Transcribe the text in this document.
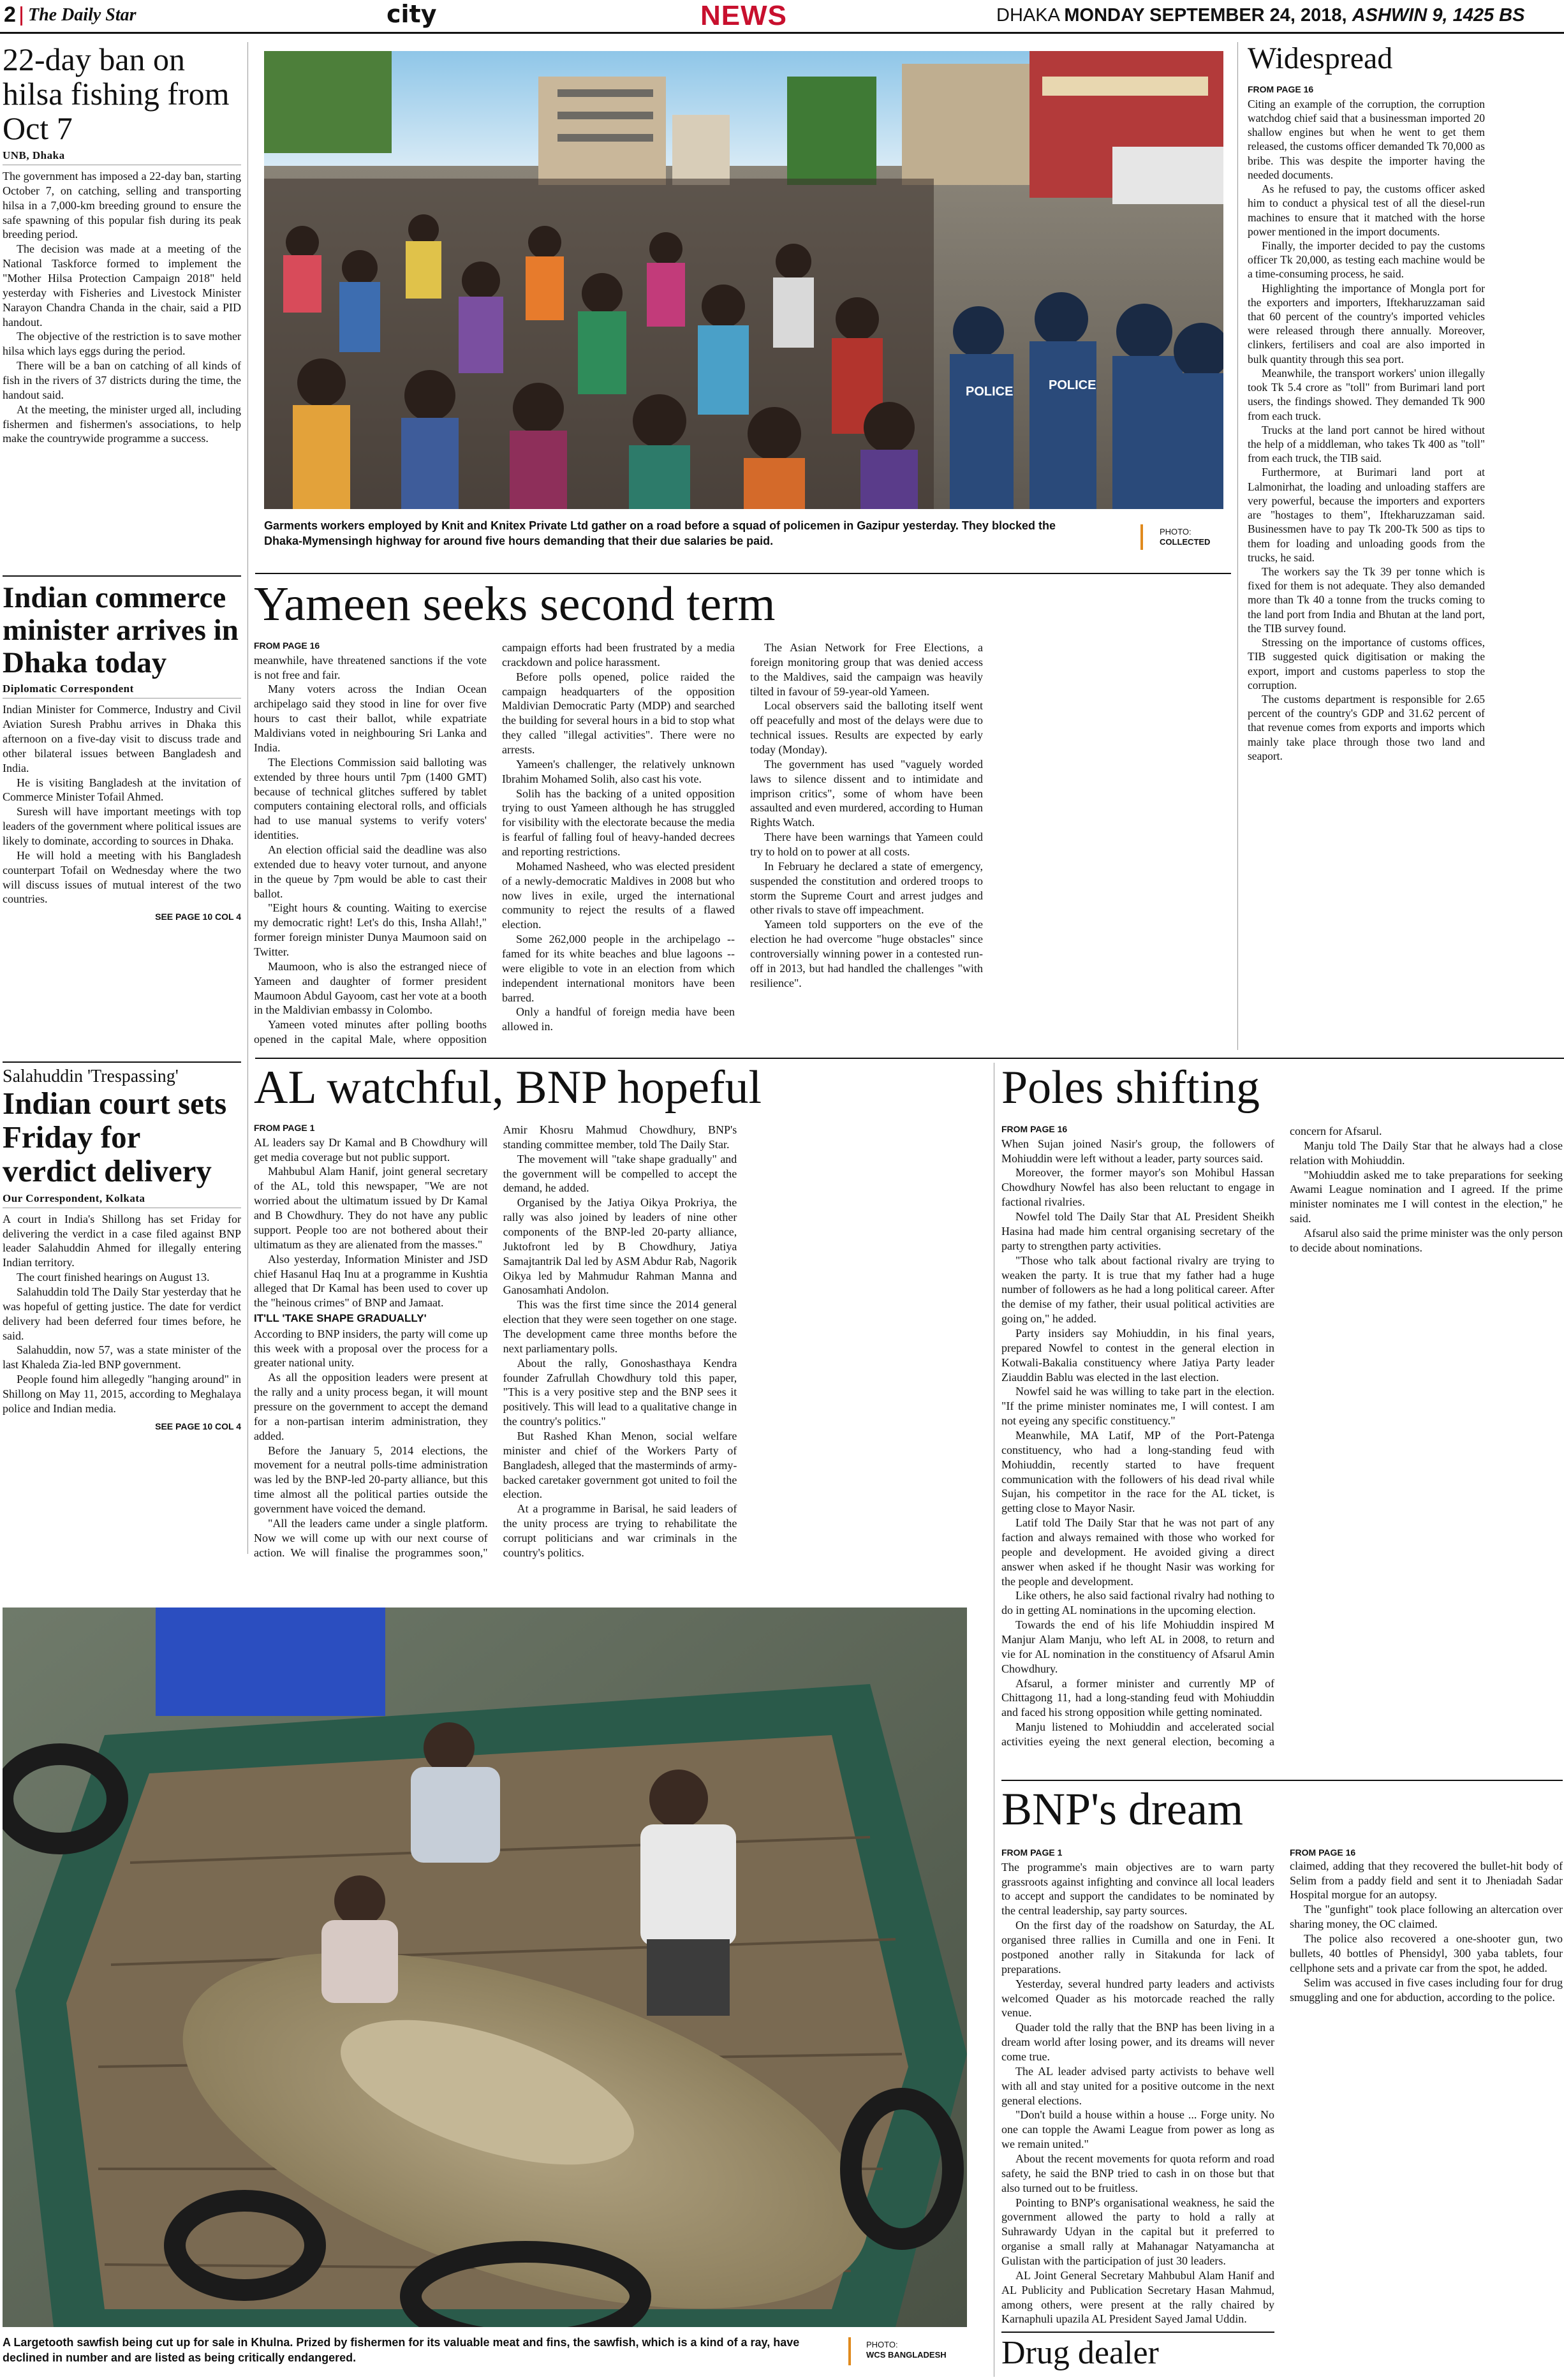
2 The Daily Star	city	NEWS	DHAKA MONDAY SEPTEMBER 24, 2018, ASHWIN 9, 1425 BS
22-day ban on hilsa fishing from Oct 7
UNB, Dhaka

The government has imposed a 22-day ban, starting October 7, on catching, selling and transporting hilsa in a 7,000-km breeding ground to ensure the safe spawning of this popular fish during its peak breeding period.

The decision was made at a meeting of the National Taskforce formed to implement the "Mother Hilsa Protection Campaign 2018" held yesterday with Fisheries and Livestock Minister Narayon Chandra Chanda in the chair, said a PID handout.

The objective of the restriction is to save mother hilsa which lays eggs during the period.

There will be a ban on catching of all kinds of fish in the rivers of 37 districts during the time, the handout said.

At the meeting, the minister urged all, including fishermen and fishermen's associations, to help make the countrywide programme a success.

Indian commerce minister arrives in Dhaka today
Diplomatic Correspondent

Indian Minister for Commerce, Industry and Civil Aviation Suresh Prabhu arrives in Dhaka this afternoon on a five-day visit to discuss trade and other bilateral issues between Bangladesh and India.

He is visiting Bangladesh at the invitation of Commerce Minister Tofail Ahmed.

Suresh will have important meetings with top leaders of the government where political issues are likely to dominate, according to sources in Dhaka.

He will hold a meeting with his Bangladesh counterpart Tofail on Wednesday where the two will discuss issues of mutual interest of the two countries.

SEE PAGE 10 COL 4
Salahuddin 'Trespassing'
Indian court sets Friday for verdict delivery
Our Correspondent, Kolkata

A court in India's Shillong has set Friday for delivering the verdict in a case filed against BNP leader Salahuddin Ahmed for illegally entering Indian territory.

The court finished hearings on August 13.

Salahuddin told The Daily Star yesterday that he was hopeful of getting justice. The date for verdict delivery had been deferred four times before, he said.

Salahuddin, now 57, was a state minister of the last Khaleda Zia-led BNP government.

People found him allegedly "hanging around" in Shillong on May 11, 2015, according to Meghalaya police and Indian media.

SEE PAGE 10 COL 4
POLICE	POLICE
Garments workers employed by Knit and Knitex Private Ltd gather on a road before a squad of policemen in Gazipur yesterday. They blocked the Dhaka-Mymensingh highway for around five hours demanding that their due salaries be paid.
PHOTO:
COLLECTED
Yameen seeks second term
FROM PAGE 16

meanwhile, have threatened sanctions if the vote is not free and fair.

Many voters across the Indian Ocean archipelago said they stood in line for over five hours to cast their ballot, while expatriate Maldivians voted in neighbouring Sri Lanka and India.

The Elections Commission said balloting was extended by three hours until 7pm (1400 GMT) because of technical glitches suffered by tablet computers containing electoral rolls, and officials had to use manual systems to verify voters' identities.

An election official said the deadline was also extended due to heavy voter turnout, and anyone in the queue by 7pm would be able to cast their ballot.

"Eight hours & counting. Waiting to exercise my democratic right! Let's do this, Insha Allah!," former foreign minister Dunya Maumoon said on Twitter.

Maumoon, who is also the estranged niece of Yameen and daughter of former president Maumoon Abdul Gayoom, cast her vote at a booth in the Maldivian embassy in Colombo.

Yameen voted minutes after polling booths opened in the capital Male, where opposition campaign efforts had been frustrated by a media crackdown and police harassment.

Before polls opened, police raided the campaign headquarters of the opposition Maldivian Democratic Party (MDP) and searched the building for several hours in a bid to stop what they called "illegal activities". There were no arrests.

Yameen's challenger, the relatively unknown Ibrahim Mohamed Solih, also cast his vote.

Solih has the backing of a united opposition trying to oust Yameen although he has struggled for visibility with the electorate because the media is fearful of falling foul of heavy-handed decrees and reporting restrictions.

Mohamed Nasheed, who was elected president of a newly-democratic Maldives in 2008 but who now lives in exile, urged the international community to reject the results of a flawed election.

Some 262,000 people in the archipelago -- famed for its white beaches and blue lagoons -- were eligible to vote in an election from which independent international monitors have been barred.

Only a handful of foreign media have been allowed in.

The Asian Network for Free Elections, a foreign monitoring group that was denied access to the Maldives, said the campaign was heavily tilted in favour of 59-year-old Yameen.

Local observers said the balloting itself went off peacefully and most of the delays were due to technical issues. Results are expected by early today (Monday).

The government has used "vaguely worded laws to silence dissent and to intimidate and imprison critics", some of whom have been assaulted and even murdered, according to Human Rights Watch.

There have been warnings that Yameen could try to hold on to power at all costs.

In February he declared a state of emergency, suspended the constitution and ordered troops to storm the Supreme Court and arrest judges and other rivals to stave off impeachment.

Yameen told supporters on the eve of the election he had overcome "huge obstacles" since controversially winning power in a contested run-off in 2013, but had handled the challenges "with resilience".

Widespread
FROM PAGE 16

Citing an example of the corruption, the corruption watchdog chief said that a businessman imported 20 shallow engines but when he went to get them released, the customs officer demanded Tk 70,000 as bribe. This was despite the importer having the needed documents.

As he refused to pay, the customs officer asked him to conduct a physical test of all the diesel-run machines to ensure that it matched with the horse power mentioned in the import documents.

Finally, the importer decided to pay the customs officer Tk 20,000, as testing each machine would be a time-consuming process, he said.

Highlighting the importance of Mongla port for the exporters and importers, Iftekharuzzaman said that 60 percent of the country's imported vehicles were released through there annually. Moreover, clinkers, fertilisers and coal are also imported in bulk quantity through this sea port.

Meanwhile, the transport workers' union illegally took Tk 5.4 crore as "toll" from Burimari land port users, the findings showed. They demanded Tk 900 from each truck.

Trucks at the land port cannot be hired without the help of a middleman, who takes Tk 400 as "toll" from each truck, the TIB said.

Furthermore, at Burimari land port at Lalmonirhat, the loading and unloading staffers are very powerful, because the importers and exporters are "hostages to them", Iftekharuzzaman said. Businessmen have to pay Tk 200-Tk 500 as tips to them for loading and unloading goods from the trucks, he said.

The workers say the Tk 39 per tonne which is fixed for them is not adequate. They also demanded more than Tk 40 a tonne from the trucks coming to the land port from India and Bhutan at the land port, the TIB survey found.

Stressing on the importance of customs offices, TIB suggested quick digitisation or making the export, import and customs paperless to stop the corruption.

The customs department is responsible for 2.65 percent of the country's GDP and 31.62 percent of that revenue comes from exports and imports which mainly take place through those two land and seaport.

AL watchful, BNP hopeful
FROM PAGE 1

AL leaders say Dr Kamal and B Chowdhury will get media coverage but not public support.

Mahbubul Alam Hanif, joint general secretary of the AL, told this newspaper, "We are not worried about the ultimatum issued by Dr Kamal and B Chowdhury. They do not have any public support. People too are not bothered about their ultimatum as they are alienated from the masses."

Also yesterday, Information Minister and JSD chief Hasanul Haq Inu at a programme in Kushtia alleged that Dr Kamal has been used to cover up the "heinous crimes" of BNP and Jamaat.

IT'LL 'TAKE SHAPE GRADUALLY'

According to BNP insiders, the party will come up this week with a proposal over the process for a greater national unity.

As all the opposition leaders were present at the rally and a unity process began, it will mount pressure on the government to accept the demand for a non-partisan interim administration, they added.

Before the January 5, 2014 elections, the movement for a neutral polls-time administration was led by the BNP-led 20-party alliance, but this time almost all the political parties outside the government have voiced the demand.

"All the leaders came under a single platform. Now we will come up with our next course of action. We will finalise the programmes soon," Amir Khosru Mahmud Chowdhury, BNP's standing committee member, told The Daily Star.

The movement will "take shape gradually" and the government will be compelled to accept the demand, he added.

Organised by the Jatiya Oikya Prokriya, the rally was also joined by leaders of nine other components of the BNP-led 20-party alliance, Juktofront led by B Chowdhury, Jatiya Samajtantrik Dal led by ASM Abdur Rab, Nagorik Oikya led by Mahmudur Rahman Manna and Ganosamhati Andolon.

This was the first time since the 2014 general election that they were seen together on one stage. The development came three months before the next parliamentary polls.

About the rally, Gonoshasthaya Kendra founder Zafrullah Chowdhury told this paper, "This is a very positive step and the BNP sees it positively. This will lead to a qualitative change in the country's politics."

But Rashed Khan Menon, social welfare minister and chief of the Workers Party of Bangladesh, alleged that the masterminds of army-backed caretaker government got united to foil the election.

At a programme in Barisal, he said leaders of the unity process are trying to rehabilitate the corrupt politicians and war criminals in the country's politics.

Poles shifting
FROM PAGE 16

When Sujan joined Nasir's group, the followers of Mohiuddin were left without a leader, party sources said.

Moreover, the former mayor's son Mohibul Hassan Chowdhury Nowfel has also been reluctant to engage in factional rivalries.

Nowfel told The Daily Star that AL President Sheikh Hasina had made him central organising secretary of the party to strengthen party activities.

"Those who talk about factional rivalry are trying to weaken the party. It is true that my father had a huge number of followers as he had a long political career. After the demise of my father, their usual political activities are going on," he added.

Party insiders say Mohiuddin, in his final years, prepared Nowfel to contest in the general election in Kotwali-Bakalia constituency where Jatiya Party leader Ziauddin Bablu was elected in the last election.

Nowfel said he was willing to take part in the election. "If the prime minister nominates me, I will contest. I am not eyeing any specific constituency."

Meanwhile, MA Latif, MP of the Port-Patenga constituency, who had a long-standing feud with Mohiuddin, recently started to have frequent communication with the followers of his dead rival while Sujan, his competitor in the race for the AL ticket, is getting close to Mayor Nasir.

Latif told The Daily Star that he was not part of any faction and always remained with those who worked for people and development. He avoided giving a direct answer when asked if he thought Nasir was working for the people and development.

Like others, he also said factional rivalry had nothing to do in getting AL nominations in the upcoming election.

Towards the end of his life Mohiuddin inspired M Manjur Alam Manju, who left AL in 2008, to return and vie for AL nomination in the constituency of Afsarul Amin Chowdhury.

Afsarul, a former minister and currently MP of Chittagong 11, had a long-standing feud with Mohiuddin and faced his strong opposition while getting nominated.

Manju listened to Mohiuddin and accelerated social activities eyeing the next general election, becoming a concern for Afsarul.

Manju told The Daily Star that he always had a close relation with Mohiuddin.

"Mohiuddin asked me to take preparations for seeking Awami League nomination and I agreed. If the prime minister nominates me I will contest in the election," he said.

Afsarul also said the prime minister was the only person to decide about nominations.

A Largetooth sawfish being cut up for sale in Khulna. Prized by fishermen for its valuable meat and fins, the sawfish, which is a kind of a ray, have declined in number and are listed as being critically endangered.
PHOTO:
WCS BANGLADESH
BNP's dream
FROM PAGE 1

The programme's main objectives are to warn party grassroots against infighting and convince all local leaders to accept and support the candidates to be nominated by the central leadership, say party sources.

On the first day of the roadshow on Saturday, the AL organised three rallies in Cumilla and one in Feni. It postponed another rally in Sitakunda for lack of preparations.

Yesterday, several hundred party leaders and activists welcomed Quader as his motorcade reached the rally venue.

Quader told the rally that the BNP has been living in a dream world after losing power, and its dreams will never come true.

The AL leader advised party activists to behave well with all and stay united for a positive outcome in the next general elections.

"Don't build a house within a house ... Forge unity. No one can topple the Awami League from power as long as we remain united."

About the recent movements for quota reform and road safety, he said the BNP tried to cash in on those but that also turned out to be fruitless.

Pointing to BNP's organisational weakness, he said the government allowed the party to hold a rally at Suhrawardy Udyan in the capital but it preferred to organise a small rally at Mahanagar Natyamancha at Gulistan with the participation of just 30 leaders.

AL Joint General Secretary Mahbubul Alam Hanif and AL Publicity and Publication Secretary Hasan Mahmud, among others, were present at the rally chaired by Karnaphuli upazila AL President Sayed Jamal Uddin.

Drug dealer
FROM PAGE 16

claimed, adding that they recovered the bullet-hit body of Selim from a paddy field and sent it to Jheniadah Sadar Hospital morgue for an autopsy.

The "gunfight" took place following an altercation over sharing money, the OC claimed.

The police also recovered a one-shooter gun, two bullets, 40 bottles of Phensidyl, 300 yaba tablets, four cellphone sets and a private car from the spot, he added.

Selim was accused in five cases including four for drug smuggling and one for abduction, according to the police.
